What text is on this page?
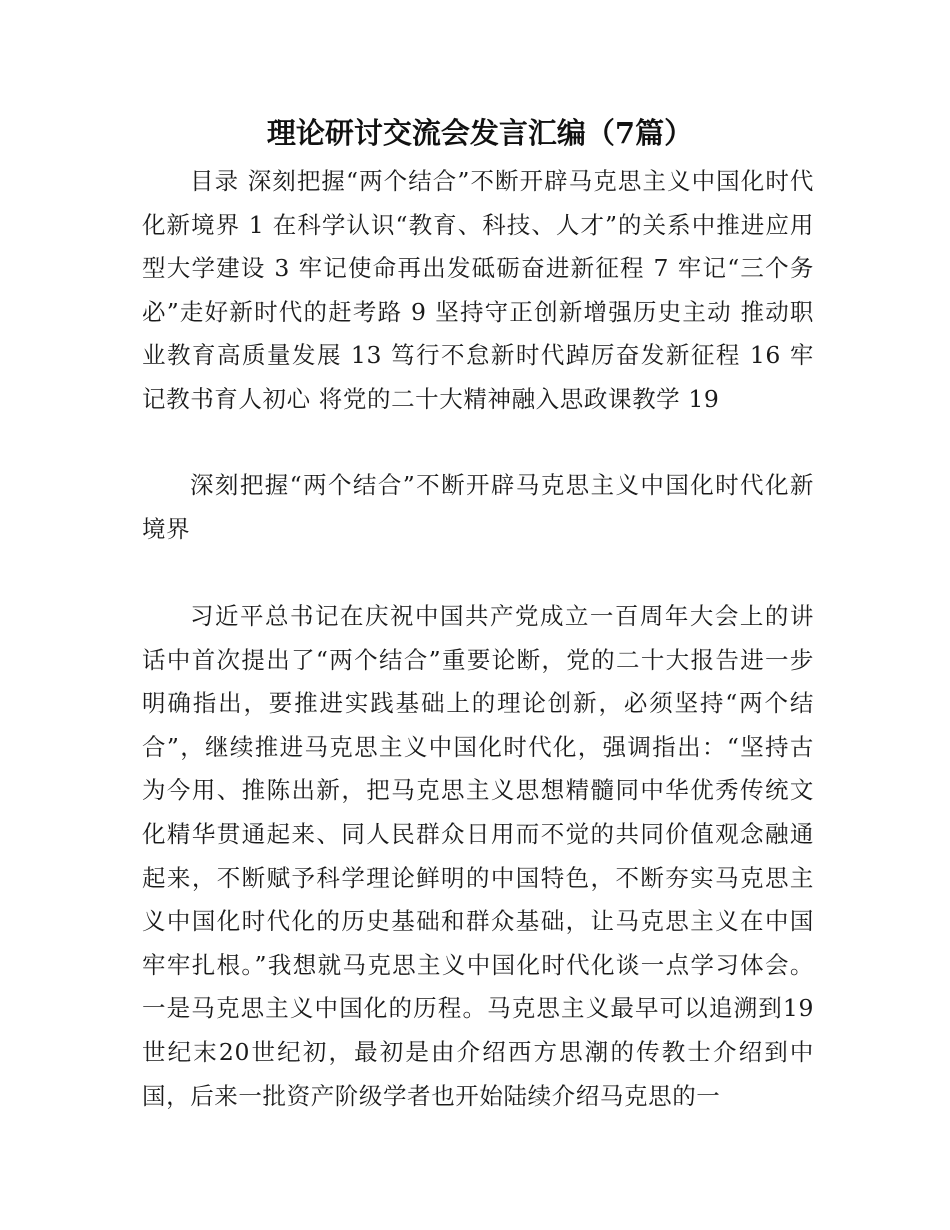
理论研讨交流会发言汇编（7篇）

目录 深刻把握“两个结合”不断开辟马克思主义中国化时代化新境界 1 在科学认识“教育、科技、人才”的关系中推进应用型大学建设 3 牢记使命再出发砥砺奋进新征程 7 牢记“三个务必”走好新时代的赶考路 9 坚持守正创新增强历史主动 推动职业教育高质量发展 13 笃行不怠新时代踔厉奋发新征程 16 牢记教书育人初心 将党的二十大精神融入思政课教学 19

深刻把握“两个结合”不断开辟马克思主义中国化时代化新境界

习近平总书记在庆祝中国共产党成立一百周年大会上的讲话中首次提出了“两个结合”重要论断，党的二十大报告进一步明确指出，要推进实践基础上的理论创新，必须坚持“两个结合”，继续推进马克思主义中国化时代化，强调指出：“坚持古为今用、推陈出新，把马克思主义思想精髓同中华优秀传统文化精华贯通起来、同人民群众日用而不觉的共同价值观念融通起来，不断赋予科学理论鲜明的中国特色，不断夯实马克思主义中国化时代化的历史基础和群众基础，让马克思主义在中国牢牢扎根。”我想就马克思主义中国化时代化谈一点学习体会。一是马克思主义中国化的历程。马克思主义最早可以追溯到19世纪末20世纪初，最初是由介绍西方思潮的传教士介绍到中国，后来一批资产阶级学者也开始陆续介绍马克思的一
